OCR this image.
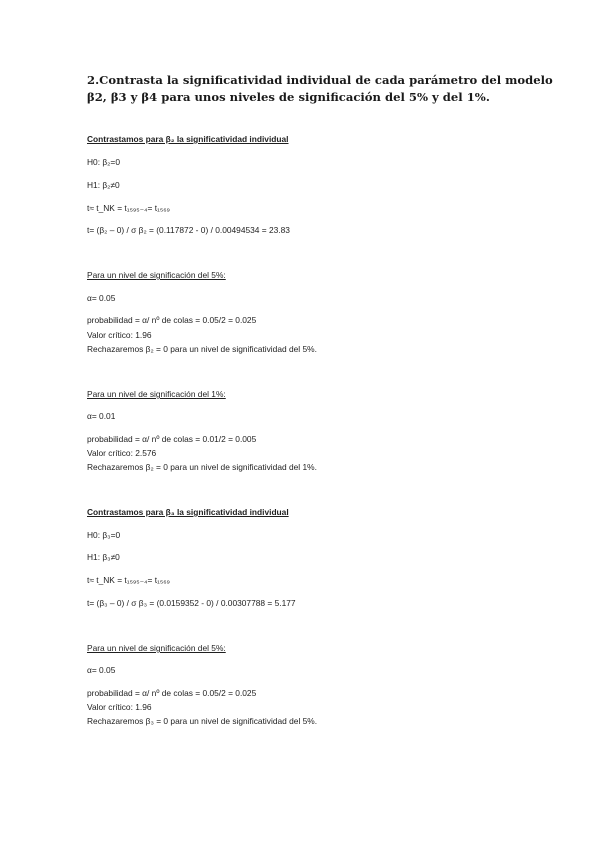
2.Contrasta la significatividad individual de cada parámetro del modelo β2, β3 y β4 para unos niveles de significación del 5% y del 1%.
Contrastamos para β₂ la significatividad individual
H0: β₂=0
H1: β₂≠0
t≈ t_NK = t₁₅₉₅₋₄= t₁₅₆₉
t= (β₂ – 0) / σ β₂ = (0.117872 - 0) / 0.00494534 = 23.83
Para un nivel de significación del 5%:
α= 0.05
probabilidad = α/ nº de colas = 0.05/2 = 0.025
Valor crítico: 1.96
Rechazaremos β₂ = 0 para un nivel de significatividad del 5%.
Para un nivel de significación del 1%:
α= 0.01
probabilidad = α/ nº de colas = 0.01/2 = 0.005
Valor crítico: 2.576
Rechazaremos β₂ = 0 para un nivel de significatividad del 1%.
Contrastamos para β₃ la significatividad individual
H0: β₃=0
H1: β₃≠0
t≈ t_NK = t₁₅₉₅₋₄= t₁₅₆₉
t= (β₃ – 0) / σ β₃ = (0.0159352 - 0) / 0.00307788 = 5.177
Para un nivel de significación del 5%:
α= 0.05
probabilidad = α/ nº de colas = 0.05/2 = 0.025
Valor crítico: 1.96
Rechazaremos β₃ = 0 para un nivel de significatividad del 5%.
